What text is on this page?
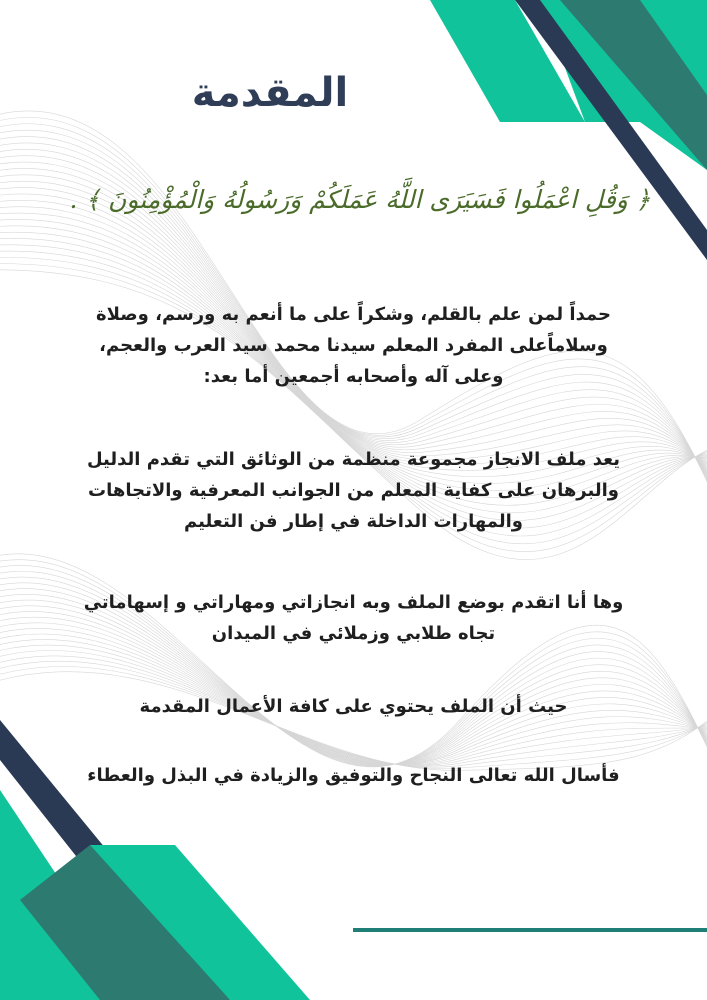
المقدمة
﴿ وَقُلِ اعْمَلُوا فَسَيَرَى اللَّهُ عَمَلَكُمْ وَرَسُولُهُ وَالْمُؤْمِنُونَ ﴾ .
حمداً لمن علم بالقلم، وشكراً على ما أنعم به ورسم، وصلاة
وسلاماًعلى المفرد المعلم سيدنا محمد سيد العرب والعجم،
وعلى آله وأصحابه أجمعين أما بعد:
يعد ملف الانجاز مجموعة منظمة من الوثائق التي تقدم الدليل
والبرهان على كفاية المعلم من الجوانب المعرفية والاتجاهات
والمهارات الداخلة في إطار فن التعليم
وها أنا اتقدم بوضع الملف وبه انجازاتي ومهاراتي و إسهاماتي
تجاه طلابي وزملائي في الميدان
حيث أن الملف يحتوي على كافة الأعمال المقدمة
فأسال الله تعالى النجاح والتوفيق والزيادة في البذل والعطاء
